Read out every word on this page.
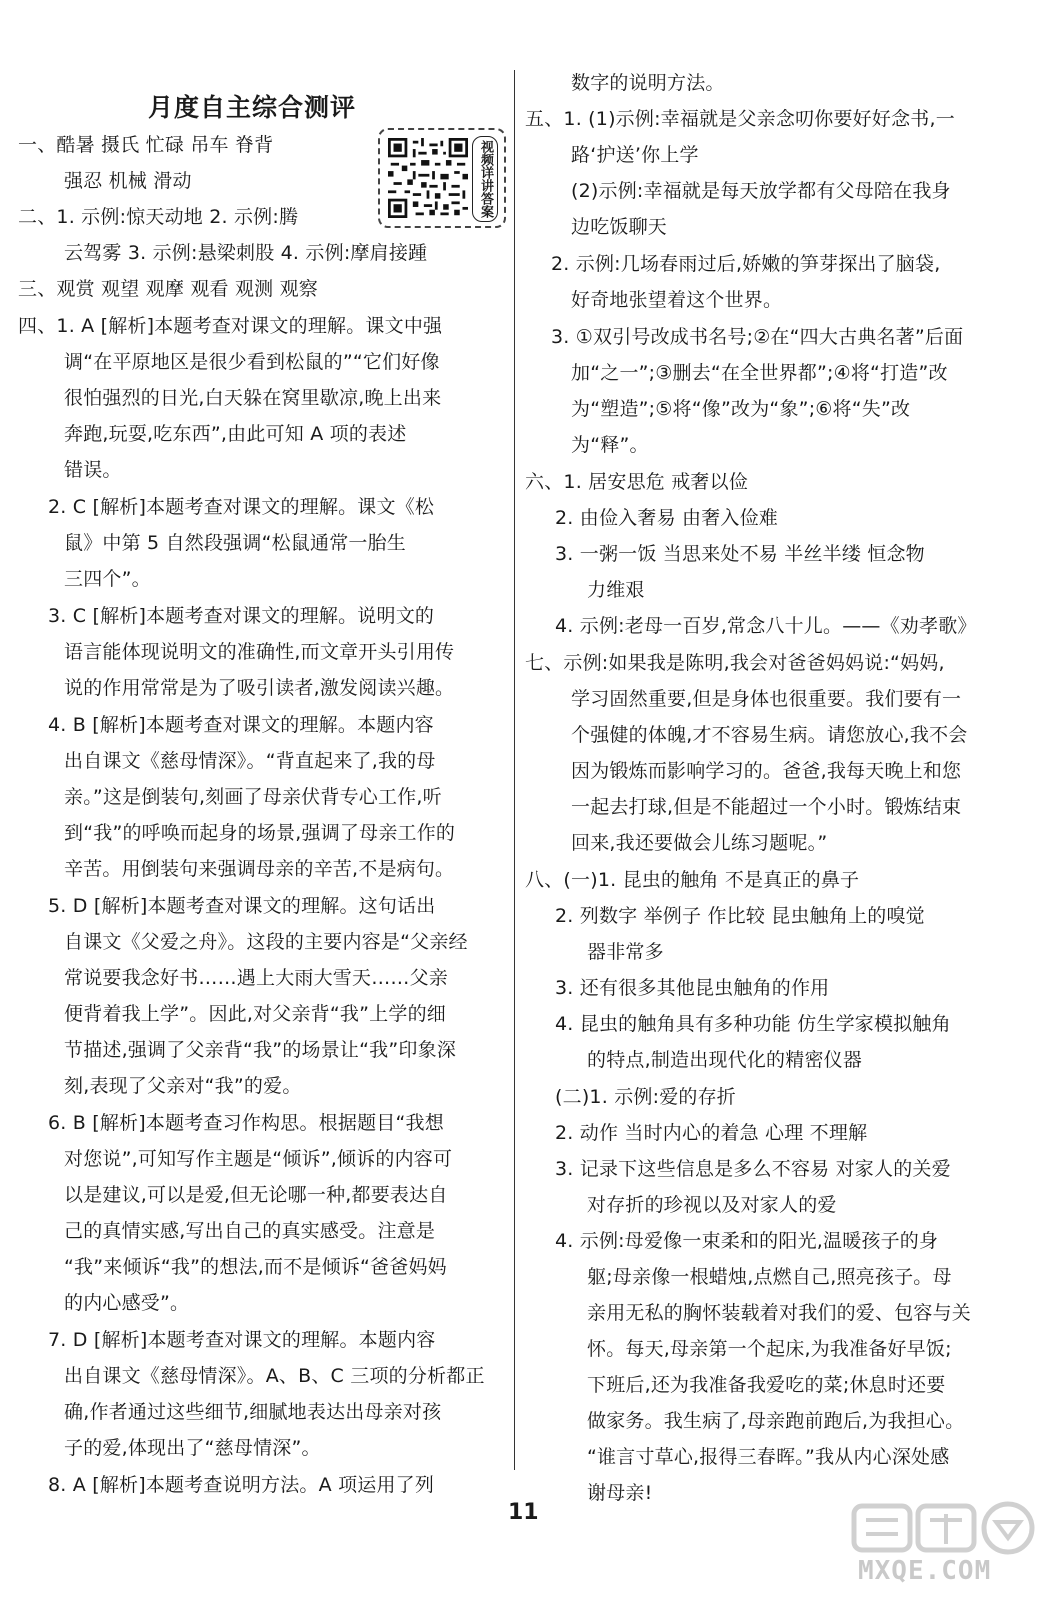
月度自主综合测评
视频详讲答案
一、酷暑 摄氏 忙碌 吊车 脊背
强忍 机械 滑动
二、1. 示例:惊天动地 2. 示例:腾
云驾雾 3. 示例:悬梁刺股 4. 示例:摩肩接踵
三、观赏 观望 观摩 观看 观测 观察
四、1. A [解析]本题考查对课文的理解。课文中强
调“在平原地区是很少看到松鼠的”“它们好像
很怕强烈的日光,白天躲在窝里歇凉,晚上出来
奔跑,玩耍,吃东西”,由此可知 A 项的表述
错误。
2. C [解析]本题考查对课文的理解。课文《松
鼠》中第 5 自然段强调“松鼠通常一胎生
三四个”。
3. C [解析]本题考查对课文的理解。说明文的
语言能体现说明文的准确性,而文章开头引用传
说的作用常常是为了吸引读者,激发阅读兴趣。
4. B [解析]本题考查对课文的理解。本题内容
出自课文《慈母情深》。“背直起来了,我的母
亲。”这是倒装句,刻画了母亲伏背专心工作,听
到“我”的呼唤而起身的场景,强调了母亲工作的
辛苦。用倒装句来强调母亲的辛苦,不是病句。
5. D [解析]本题考查对课文的理解。这句话出
自课文《父爱之舟》。这段的主要内容是“父亲经
常说要我念好书……遇上大雨大雪天……父亲
便背着我上学”。因此,对父亲背“我”上学的细
节描述,强调了父亲背“我”的场景让“我”印象深
刻,表现了父亲对“我”的爱。
6. B [解析]本题考查习作构思。根据题目“我想
对您说”,可知写作主题是“倾诉”,倾诉的内容可
以是建议,可以是爱,但无论哪一种,都要表达自
己的真情实感,写出自己的真实感受。注意是
“我”来倾诉“我”的想法,而不是倾诉“爸爸妈妈
的内心感受”。
7. D [解析]本题考查对课文的理解。本题内容
出自课文《慈母情深》。A、B、C 三项的分析都正
确,作者通过这些细节,细腻地表达出母亲对孩
子的爱,体现出了“慈母情深”。
8. A [解析]本题考查说明方法。A 项运用了列
数字的说明方法。
五、1. (1)示例:幸福就是父亲念叨你要好好念书,一
路‘护送’你上学
(2)示例:幸福就是每天放学都有父母陪在我身
边吃饭聊天
2. 示例:几场春雨过后,娇嫩的笋芽探出了脑袋,
好奇地张望着这个世界。
3. ①双引号改成书名号;②在“四大古典名著”后面
加“之一”;③删去“在全世界都”;④将“打造”改
为“塑造”;⑤将“像”改为“象”;⑥将“失”改
为“释”。
六、1. 居安思危 戒奢以俭
2. 由俭入奢易 由奢入俭难
3. 一粥一饭 当思来处不易 半丝半缕 恒念物
力维艰
4. 示例:老母一百岁,常念八十儿。——《劝孝歌》
七、示例:如果我是陈明,我会对爸爸妈妈说:“妈妈,
学习固然重要,但是身体也很重要。我们要有一
个强健的体魄,才不容易生病。请您放心,我不会
因为锻炼而影响学习的。爸爸,我每天晚上和您
一起去打球,但是不能超过一个小时。锻炼结束
回来,我还要做会儿练习题呢。”
八、(一)1. 昆虫的触角 不是真正的鼻子
2. 列数字 举例子 作比较 昆虫触角上的嗅觉
器非常多
3. 还有很多其他昆虫触角的作用
4. 昆虫的触角具有多种功能 仿生学家模拟触角
的特点,制造出现代化的精密仪器
(二)1. 示例:爱的存折
2. 动作 当时内心的着急 心理 不理解
3. 记录下这些信息是多么不容易 对家人的关爱
对存折的珍视以及对家人的爱
4. 示例:母爱像一束柔和的阳光,温暖孩子的身
躯;母亲像一根蜡烛,点燃自己,照亮孩子。母
亲用无私的胸怀装载着对我们的爱、包容与关
怀。每天,母亲第一个起床,为我准备好早饭;
下班后,还为我准备我爱吃的菜;休息时还要
做家务。我生病了,母亲跑前跑后,为我担心。
“谁言寸草心,报得三春晖。”我从内心深处感
谢母亲!
11
MXQE.COM
